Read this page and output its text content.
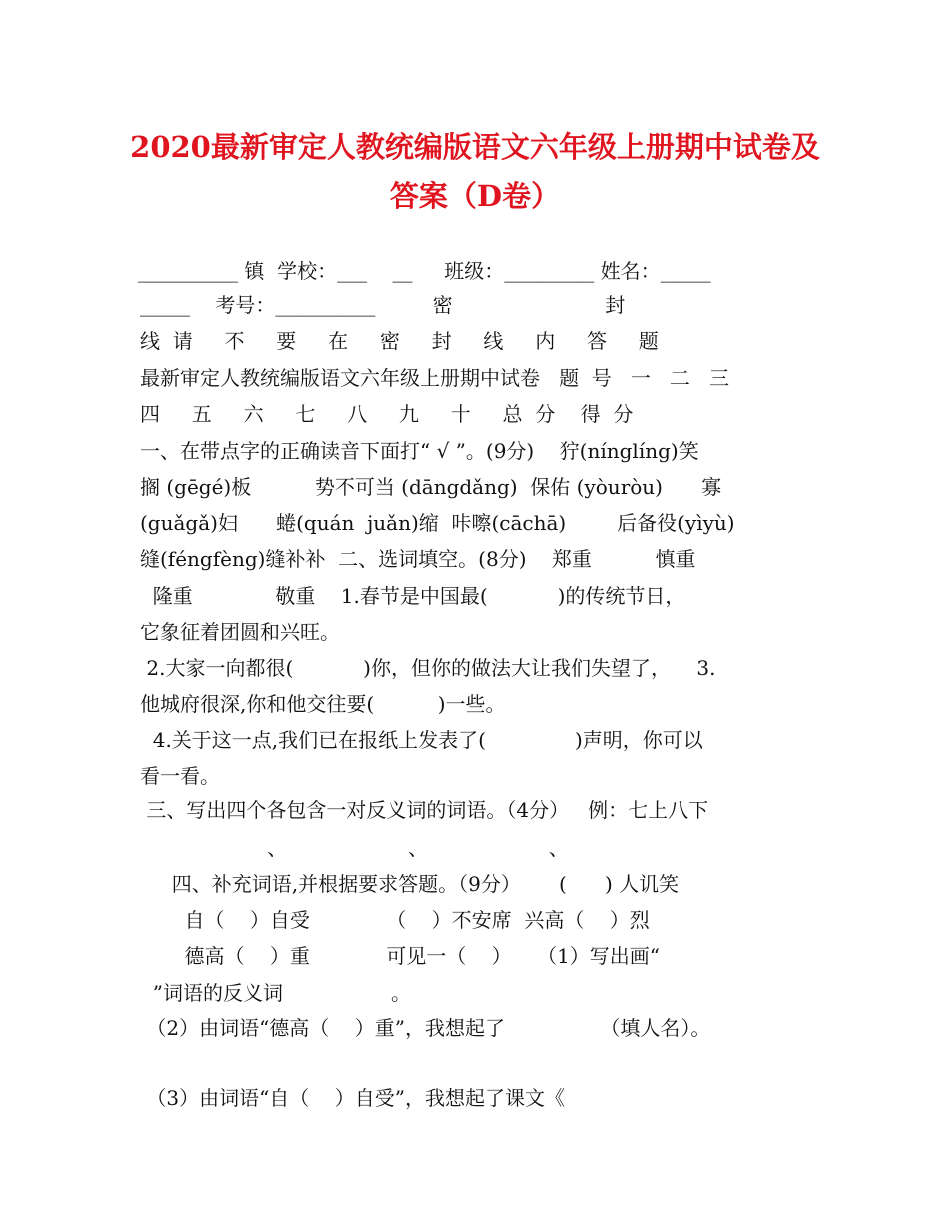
2020最新审定人教统编版语文六年级上册期中试卷及
答案（D卷）
__________ 镇  学校：___    __     班级：_________ 姓名：_____
_____    考号：__________         密                        封
线  请     不     要     在     密     封     线     内     答     题
最新审定人教统编版语文六年级上册期中试卷   题  号   一   二   三
四     五     六     七     八     九     十     总  分    得  分
一、在带点字的正确读音下面打“ √ ”。(9分)    狞(nínglíng)笑
搁 (gēgé)板          势不可当 (dāngdǎng)  保佑 (yòuròu)      寡
(guǎgǎ)妇      蜷(quán  juǎn)缩  咔嚓(cāchā)        后备役(yìyù)
缝(féngfèng)缝补补  二、选词填空。(8分)    郑重          慎重
隆重             敬重    1.春节是中国最(           )的传统节日，
它象征着团圆和兴旺。
2.大家一向都很(           )你，但你的做法大让我们失望了，    3.
他城府很深,你和他交往要(          )一些。
4.关于这一点,我们已在报纸上发表了(              )声明，你可以
看一看。
三、写出四个各包含一对反义词的词语。（4分）   例：七上八下
、                   、                   、
四、补充词语,并根据要求答题。（9分）      (      ) 人讥笑
自（    ）自受            （    ）不安席  兴高（    ）烈
德高（    ）重            可见一（    ）    （1）写出画“
”词语的反义词                 。
（2）由词语“德高（    ）重”，我想起了               （填人名）。
（3）由词语“自（    ）自受”，我想起了课文《
